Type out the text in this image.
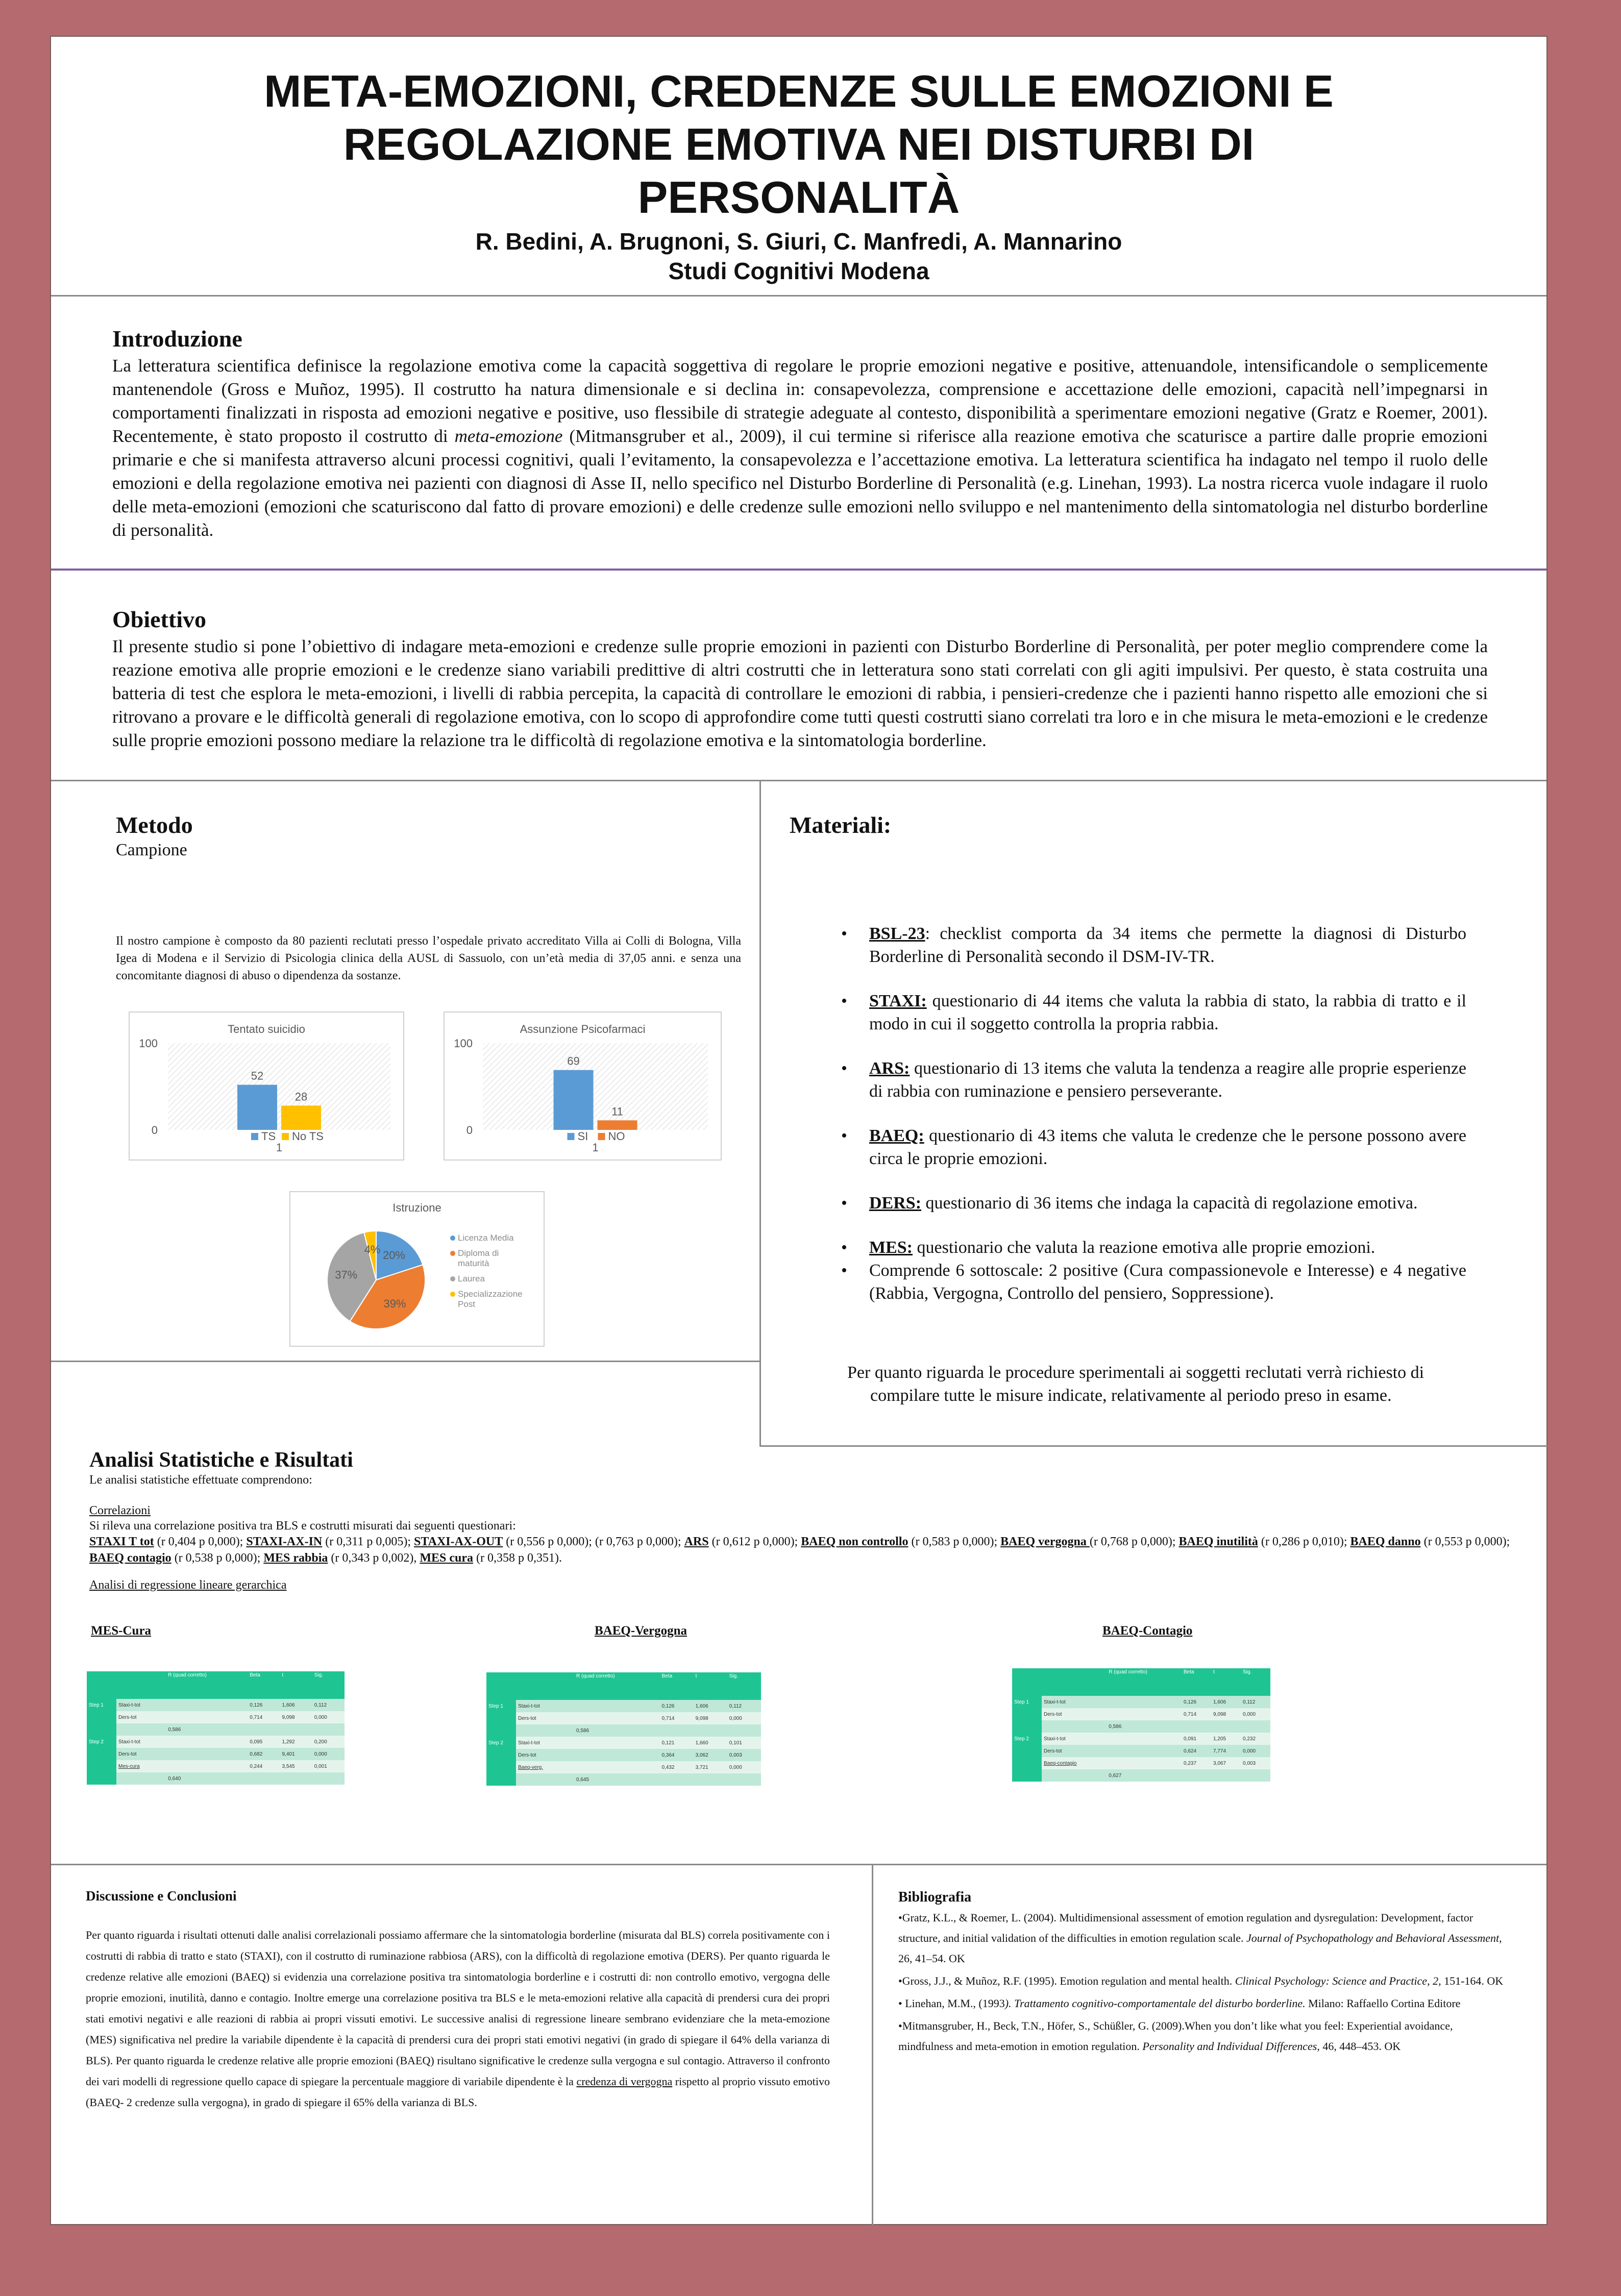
META-EMOZIONI, CREDENZE SULLE EMOZIONI E
REGOLAZIONE EMOTIVA NEI DISTURBI DI
PERSONALITÀ
R. Bedini, A. Brugnoni, S. Giuri, C. Manfredi, A. Mannarino
Studi Cognitivi Modena
Introduzione

La letteratura scientifica definisce la regolazione emotiva come la capacità soggettiva di regolare le proprie emozioni negative e positive, attenuandole, intensificandole o semplicemente mantenendole (Gross e Muñoz, 1995). Il costrutto ha natura dimensionale e si declina in: consapevolezza, comprensione e accettazione delle emozioni, capacità nell’impegnarsi in comportamenti finalizzati in risposta ad emozioni negative e positive, uso flessibile di strategie adeguate al contesto, disponibilità a sperimentare emozioni negative (Gratz e Roemer, 2001). Recentemente, è stato proposto il costrutto di meta-emozione (Mitmansgruber et al., 2009), il cui termine si riferisce alla reazione emotiva che scaturisce a partire dalle proprie emozioni primarie e che si manifesta attraverso alcuni processi cognitivi, quali l’evitamento, la consapevolezza e l’accettazione emotiva. La letteratura scientifica ha indagato nel tempo il ruolo delle emozioni e della regolazione emotiva nei pazienti con diagnosi di Asse II, nello specifico nel Disturbo Borderline di Personalità (e.g. Linehan, 1993). La nostra ricerca vuole indagare il ruolo delle meta-emozioni (emozioni che scaturiscono dal fatto di provare emozioni) e delle credenze sulle emozioni nello sviluppo e nel mantenimento della sintomatologia nel disturbo borderline di personalità.

Obiettivo

Il presente studio si pone l’obiettivo di indagare meta-emozioni e credenze sulle proprie emozioni in pazienti con Disturbo Borderline di Personalità, per poter meglio comprendere come la reazione emotiva alle proprie emozioni e le credenze siano variabili predittive di altri costrutti che in letteratura sono stati correlati con gli agiti impulsivi. Per questo, è stata costruita una batteria di test che esplora le meta-emozioni, i livelli di rabbia percepita, la capacità di controllare le emozioni di rabbia, i pensieri-credenze che i pazienti hanno rispetto alle emozioni che si ritrovano a provare e le difficoltà generali di regolazione emotiva, con lo scopo di approfondire come tutti questi costrutti siano correlati tra loro e in che misura le meta-emozioni e le credenze sulle proprie emozioni possono mediare la relazione tra le difficoltà di regolazione emotiva e la sintomatologia borderline.

Metodo
Campione
Il nostro campione è composto da 80 pazienti reclutati presso l’ospedale privato accreditato Villa ai Colli di Bologna, Villa Igea di Modena e il Servizio di Psicologia clinica della AUSL di Sassuolo, con un’età media di 37,05 anni. e senza una concomitante diagnosi di abuso o dipendenza da sostanze.
Tentato suicidio
100
0
52
28
TS No TS
1
Assunzione Psicofarmaci
100
0
69
11
SI NO
1
Istruzione
20%
39%
37%
4%
Licenza Media
Diploma di
maturità
Laurea
Specializzazione
Post
Materiali:
• BSL-23: checklist comporta da 34 items che permette la diagnosi di Disturbo Borderline di Personalità secondo il DSM-IV-TR.
• STAXI: questionario di 44 items che valuta la rabbia di stato, la rabbia di tratto e il modo in cui il soggetto controlla la propria rabbia.
• ARS: questionario di 13 items che valuta la tendenza a reagire alle proprie esperienze di rabbia con ruminazione e pensiero perseverante.
• BAEQ: questionario di 43 items che valuta le credenze che le persone possono avere circa le proprie emozioni.
• DERS: questionario di 36 items che indaga la capacità di regolazione emotiva.
• MES: questionario che valuta la reazione emotiva alle proprie emozioni.
• Comprende 6 sottoscale: 2 positive (Cura compassionevole e Interesse) e 4 negative (Rabbia, Vergogna, Controllo del pensiero, Soppressione).
Per quanto riguarda le procedure sperimentali ai soggetti reclutati verrà richiesto di compilare tutte le misure indicate, relativamente al periodo preso in esame.
Analisi Statistiche e Risultati
Le analisi statistiche effettuate comprendono:
Correlazioni
Si rileva una correlazione positiva tra BLS e costrutti misurati dai seguenti questionari:
STAXI T tot (r 0,404 p 0,000); STAXI-AX-IN (r 0,311 p 0,005); STAXI-AX-OUT (r 0,556 p 0,000); (r 0,763 p 0,000); ARS (r 0,612 p 0,000); BAEQ non controllo (r 0,583 p 0,000); BAEQ vergogna (r 0,768 p 0,000); BAEQ inutilità (r 0,286 p 0,010); BAEQ danno (r 0,553 p 0,000); BAEQ contagio (r 0,538 p 0,000); MES rabbia (r 0,343 p 0,002), MES cura (r 0,358 p 0,351).
Analisi di regressione lineare gerarchica
MES-Cura	BAEQ-Vergogna	BAEQ-Contagio
		R (quad corretto)	Beta	t	Sig.
Step 1	Staxi-t-tot		0,126	1,606	0,112
	Ders-tot		0,714	9,098	0,000
		0,586			
Step 2	Staxi-t-tot		0,095	1,292	0,200
	Ders-tot		0,682	9,401	0,000
	Mes-cura		0,244	3,545	0,001
		0,640			
		R (quad corretto)	Beta	t	Sig.
Step 1	Staxi-t-tot		0,126	1,606	0,112
	Ders-tot		0,714	9,098	0,000
		0,586			
Step 2	Staxi-t-tot		0,121	1,660	0,101
	Ders-tot		0,364	3,062	0,003
	Baeq-verg.		0,432	3,721	0,000
		0,645			
		R (quad corretto)	Beta	t	Sig.
Step 1	Staxi-t-tot		0,126	1,606	0,112
	Ders-tot		0,714	9,098	0,000
		0,586			
Step 2	Staxi-t-tot		0,091	1,205	0,232
	Ders-tot		0,624	7,774	0,000
	Baeq-contagio		0,237	3,067	0,003
		0,627			
Discussione e Conclusioni

Per quanto riguarda i risultati ottenuti dalle analisi correlazionali possiamo affermare che la sintomatologia borderline (misurata dal BLS) correla positivamente con i costrutti di rabbia di tratto e stato (STAXI), con il costrutto di ruminazione rabbiosa (ARS), con la difficoltà di regolazione emotiva (DERS). Per quanto riguarda le credenze relative alle emozioni (BAEQ) si evidenzia una correlazione positiva tra sintomatologia borderline e i costrutti di: non controllo emotivo, vergogna delle proprie emozioni, inutilità, danno e contagio. Inoltre emerge una correlazione positiva tra BLS e le meta-emozioni relative alla capacità di prendersi cura dei propri stati emotivi negativi e alle reazioni di rabbia ai propri vissuti emotivi. Le successive analisi di regressione lineare sembrano evidenziare che la meta-emozione (MES) significativa nel predire la variabile dipendente è la capacità di prendersi cura dei propri stati emotivi negativi (in grado di spiegare il 64% della varianza di BLS). Per quanto riguarda le credenze relative alle proprie emozioni (BAEQ) risultano significative le credenze sulla vergogna e sul contagio. Attraverso il confronto dei vari modelli di regressione quello capace di spiegare la percentuale maggiore di variabile dipendente è la credenza di vergogna rispetto al proprio vissuto emotivo (BAEQ- 2 credenze sulla vergogna), in grado di spiegare il 65% della varianza di BLS.

Bibliografia

•Gratz, K.L., & Roemer, L. (2004). Multidimensional assessment of emotion regulation and dysregulation: Development, factor structure, and initial validation of the difficulties in emotion regulation scale. Journal of Psychopathology and Behavioral Assessment, 26, 41–54. OK

•Gross, J.J., & Muñoz, R.F. (1995). Emotion regulation and mental health. Clinical Psychology: Science and Practice, 2, 151-164. OK

• Linehan, M.M., (1993). Trattamento cognitivo-comportamentale del disturbo borderline. Milano: Raffaello Cortina Editore

•Mitmansgruber, H., Beck, T.N., Höfer, S., Schüßler, G. (2009).When you don’t like what you feel: Experiential avoidance, mindfulness and meta-emotion in emotion regulation. Personality and Individual Differences, 46, 448–453. OK
